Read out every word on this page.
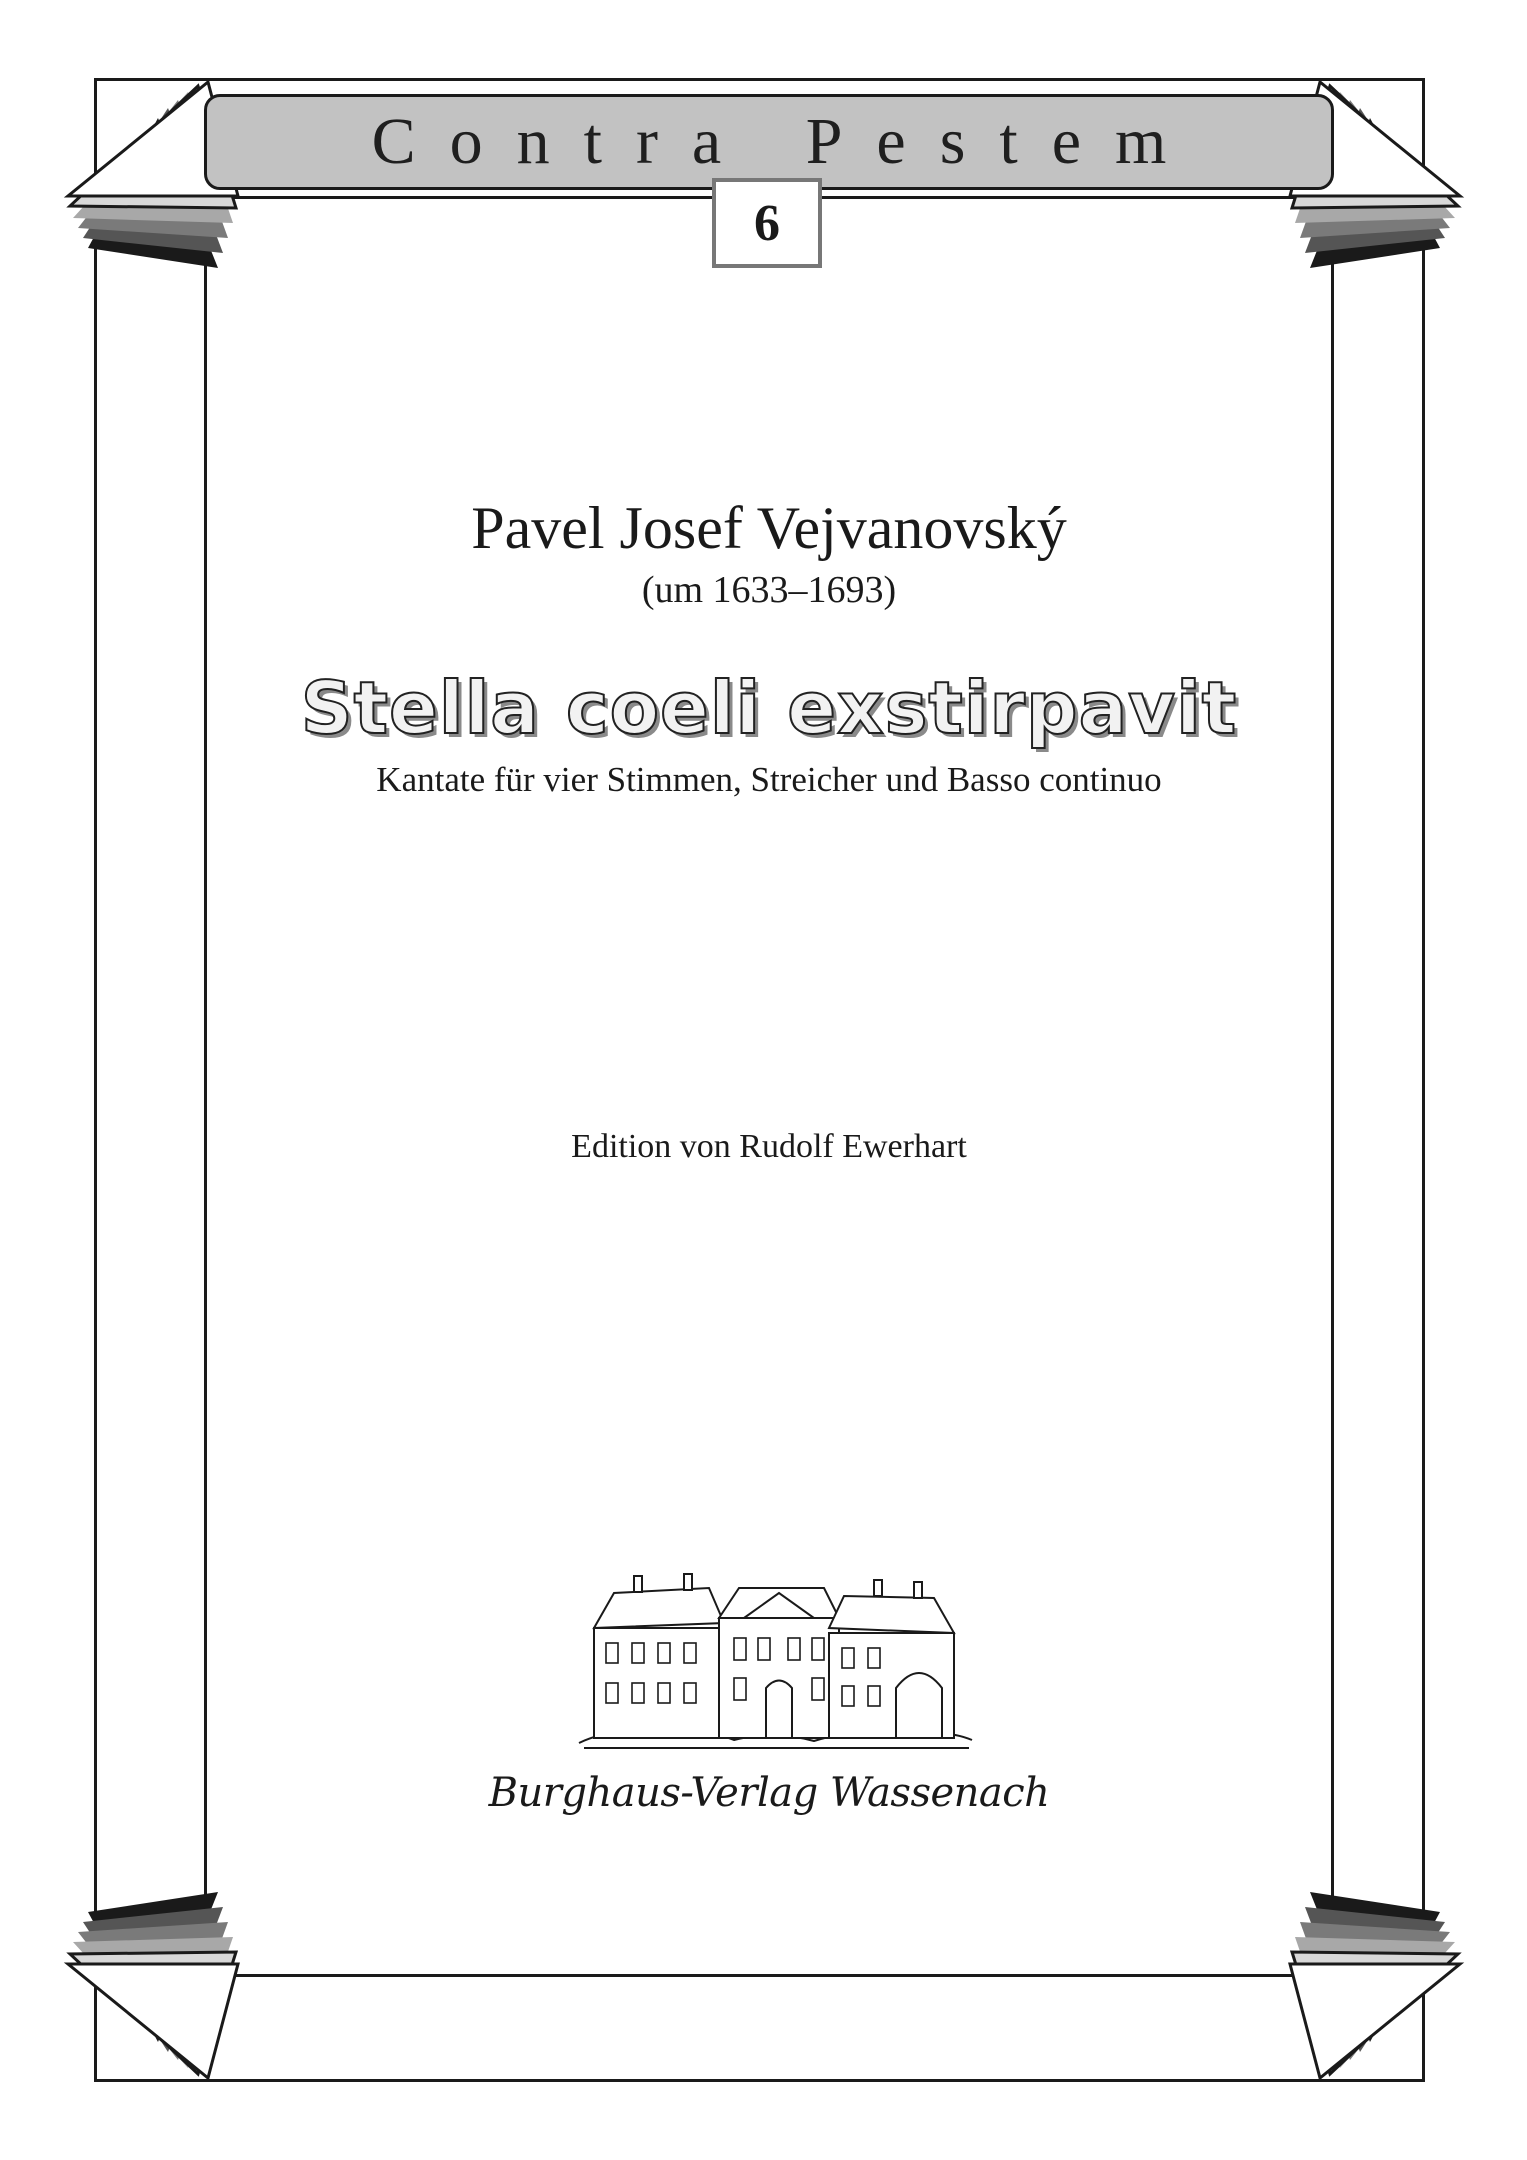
Contra Pestem
6
Pavel Josef Vejvanovský
(um 1633–1693)
Stella coeli exstirpavit
Kantate für vier Stimmen, Streicher und Basso continuo
Edition von Rudolf Ewerhart
Burghaus-Verlag Wassenach
